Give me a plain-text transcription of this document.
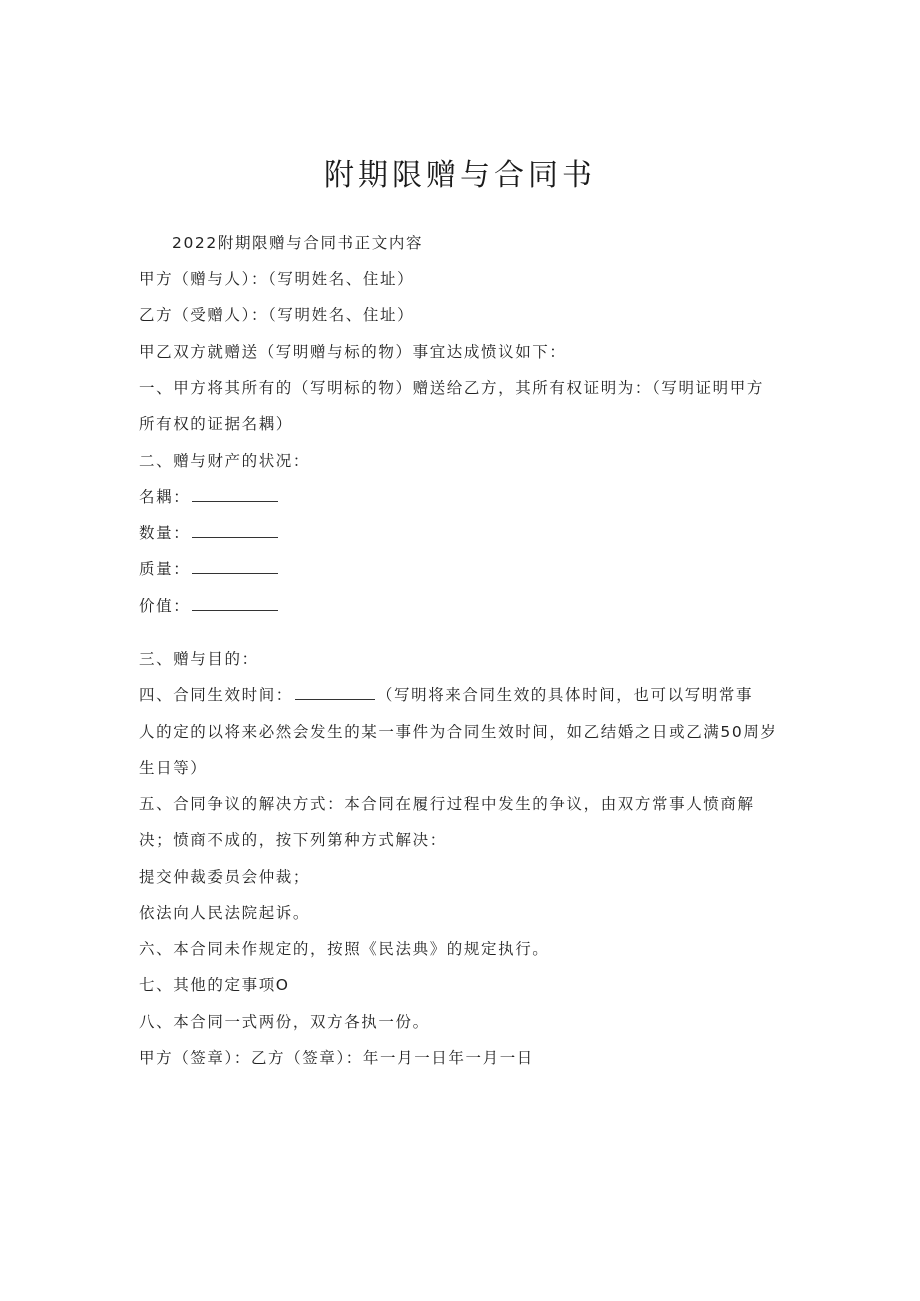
附期限赠与合同书
2022附期限赠与合同书正文内容
甲方（赠与人）：（写明姓名、住址）
乙方（受赠人）：（写明姓名、住址）
甲乙双方就赠送（写明赠与标的物）事宜达成愤议如下：
一、甲方将其所有的（写明标的物）赠送给乙方，其所有权证明为：（写明证明甲方
所有权的证据名耦）
二、赠与财产的状况：
名耦：
数量：
质量：
价值：
三、赠与目的：
四、合同生效时间：	（写明将来合同生效的具体时间，也可以写明常事
人的定的以将来必然会发生的某一事件为合同生效时间，如乙结婚之日或乙满50周岁
生日等）
五、合同争议的解决方式：本合同在履行过程中发生的争议，由双方常事人愤商解
决；愤商不成的，按下列第种方式解决：
提交仲裁委员会仲裁；
依法向人民法院起诉。
六、本合同未作规定的，按照《民法典》的规定执行。
七、其他的定事项O
八、本合同一式两份，双方各执一份。
甲方（签章）：乙方（签章）：年一月一日年一月一日
